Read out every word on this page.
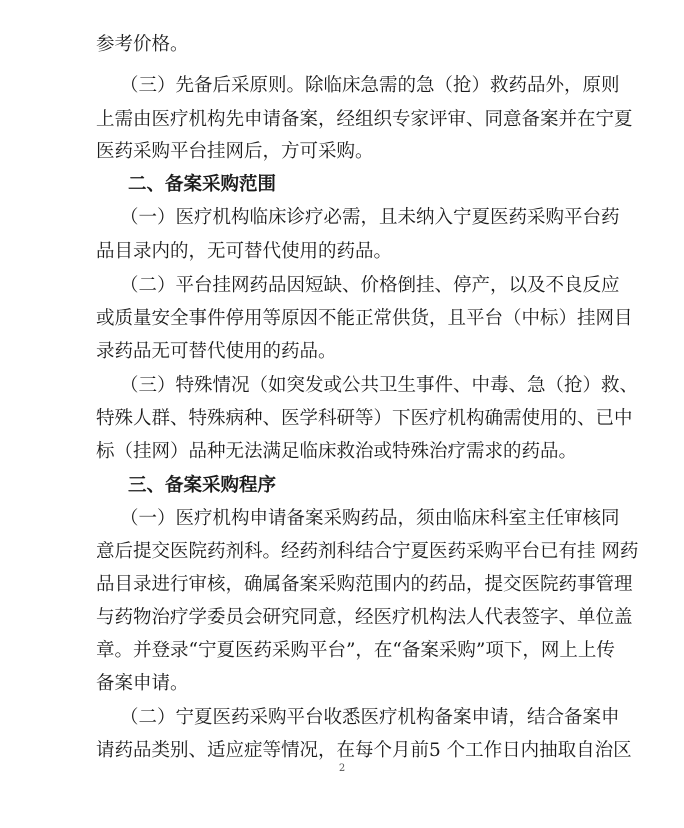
参考价格。
（三）先备后采原则。除临床急需的急（抢）救药品外，原则
上需由医疗机构先申请备案，经组织专家评审、同意备案并在宁夏
医药采购平台挂网后，方可采购。
二、备案采购范围
（一）医疗机构临床诊疗必需，且未纳入宁夏医药采购平台药
品目录内的，无可替代使用的药品。
（二）平台挂网药品因短缺、价格倒挂、停产，以及不良反应
或质量安全事件停用等原因不能正常供货，且平台（中标）挂网目
录药品无可替代使用的药品。
（三）特殊情况（如突发或公共卫生事件、中毒、急（抢）救、
特殊人群、特殊病种、医学科研等）下医疗机构确需使用的、已中
标（挂网）品种无法满足临床救治或特殊治疗需求的药品。
三、备案采购程序
（一）医疗机构申请备案采购药品，须由临床科室主任审核同
意后提交医院药剂科。经药剂科结合宁夏医药采购平台已有挂 网药
品目录进行审核，确属备案采购范围内的药品，提交医院药事管理
与药物治疗学委员会研究同意，经医疗机构法人代表签字、单位盖
章。并登录“宁夏医药采购平台”，在“备案采购”项下，网上上传
备案申请。
（二）宁夏医药采购平台收悉医疗机构备案申请，结合备案申
请药品类别、适应症等情况，在每个月前5 个工作日内抽取自治区
2
